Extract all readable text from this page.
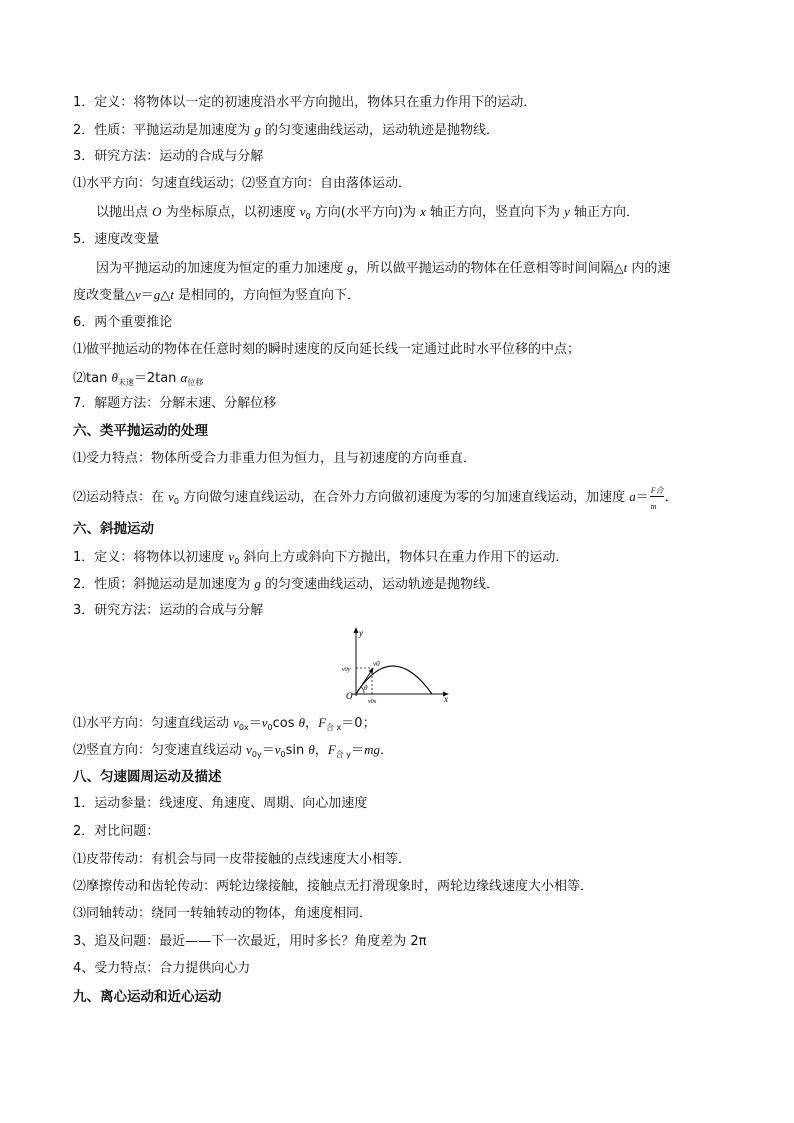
1．定义：将物体以一定的初速度沿水平方向抛出，物体只在重力作用下的运动．
2．性质：平抛运动是加速度为 g 的匀变速曲线运动，运动轨迹是抛物线．
3．研究方法：运动的合成与分解
⑴水平方向：匀速直线运动；⑵竖直方向：自由落体运动．
以抛出点 O 为坐标原点，以初速度 $v_0$ 方向(水平方向)为 x 轴正方向，竖直向下为 y 轴正方向．
5．速度改变量
因为平抛运动的加速度为恒定的重力加速度 g，所以做平抛运动的物体在任意相等时间间隔△t 内的速
度改变量△v＝g△t 是相同的，方向恒为竖直向下．
6．两个重要推论
⑴做平抛运动的物体在任意时刻的瞬时速度的反向延长线一定通过此时水平位移的中点；
⑵tan $\theta_{末速}=2\tan$ $\alpha_{位移}$
7．解题方法：分解末速、分解位移
六、类平抛运动的处理
⑴受力特点：物体所受合力非重力但为恒力，且与初速度的方向垂直．
⑵运动特点：在 $v_0$ 方向做匀速直线运动，在合外力方向做初速度为零的匀加速直线运动，加速度 $a= \frac{\text{F合}}{m}$ ．
六、斜抛运动
1．定义：将物体以初速度 $v_0$ 斜向上方或斜向下方抛出，物体只在重力作用下的运动．
2．性质：斜抛运动是加速度为 g 的匀变速曲线运动，运动轨迹是抛物线．
3．研究方法：运动的合成与分解
y
x
O
v0
v0y
v0x
θ
⑴水平方向：匀速直线运动 $v_{0x}=v_0\cos$ θ，$F_{合 x}=0$；
⑵竖直方向：匀变速直线运动 $v_{0y}=v_0\sin$ θ，$F_{合 y}=mg$．
八、匀速圆周运动及描述
1．运动参量：线速度、角速度、周期、向心加速度
2．对比问题：
⑴皮带传动：有机会与同一皮带接触的点线速度大小相等．
⑵摩擦传动和齿轮传动：两轮边缘接触，接触点无打滑现象时，两轮边缘线速度大小相等．
⑶同轴转动：绕同一转轴转动的物体，角速度相同．
3、追及问题：最近——下一次最近，用时多长？角度差为 2π
4、受力特点：合力提供向心力
九、离心运动和近心运动
